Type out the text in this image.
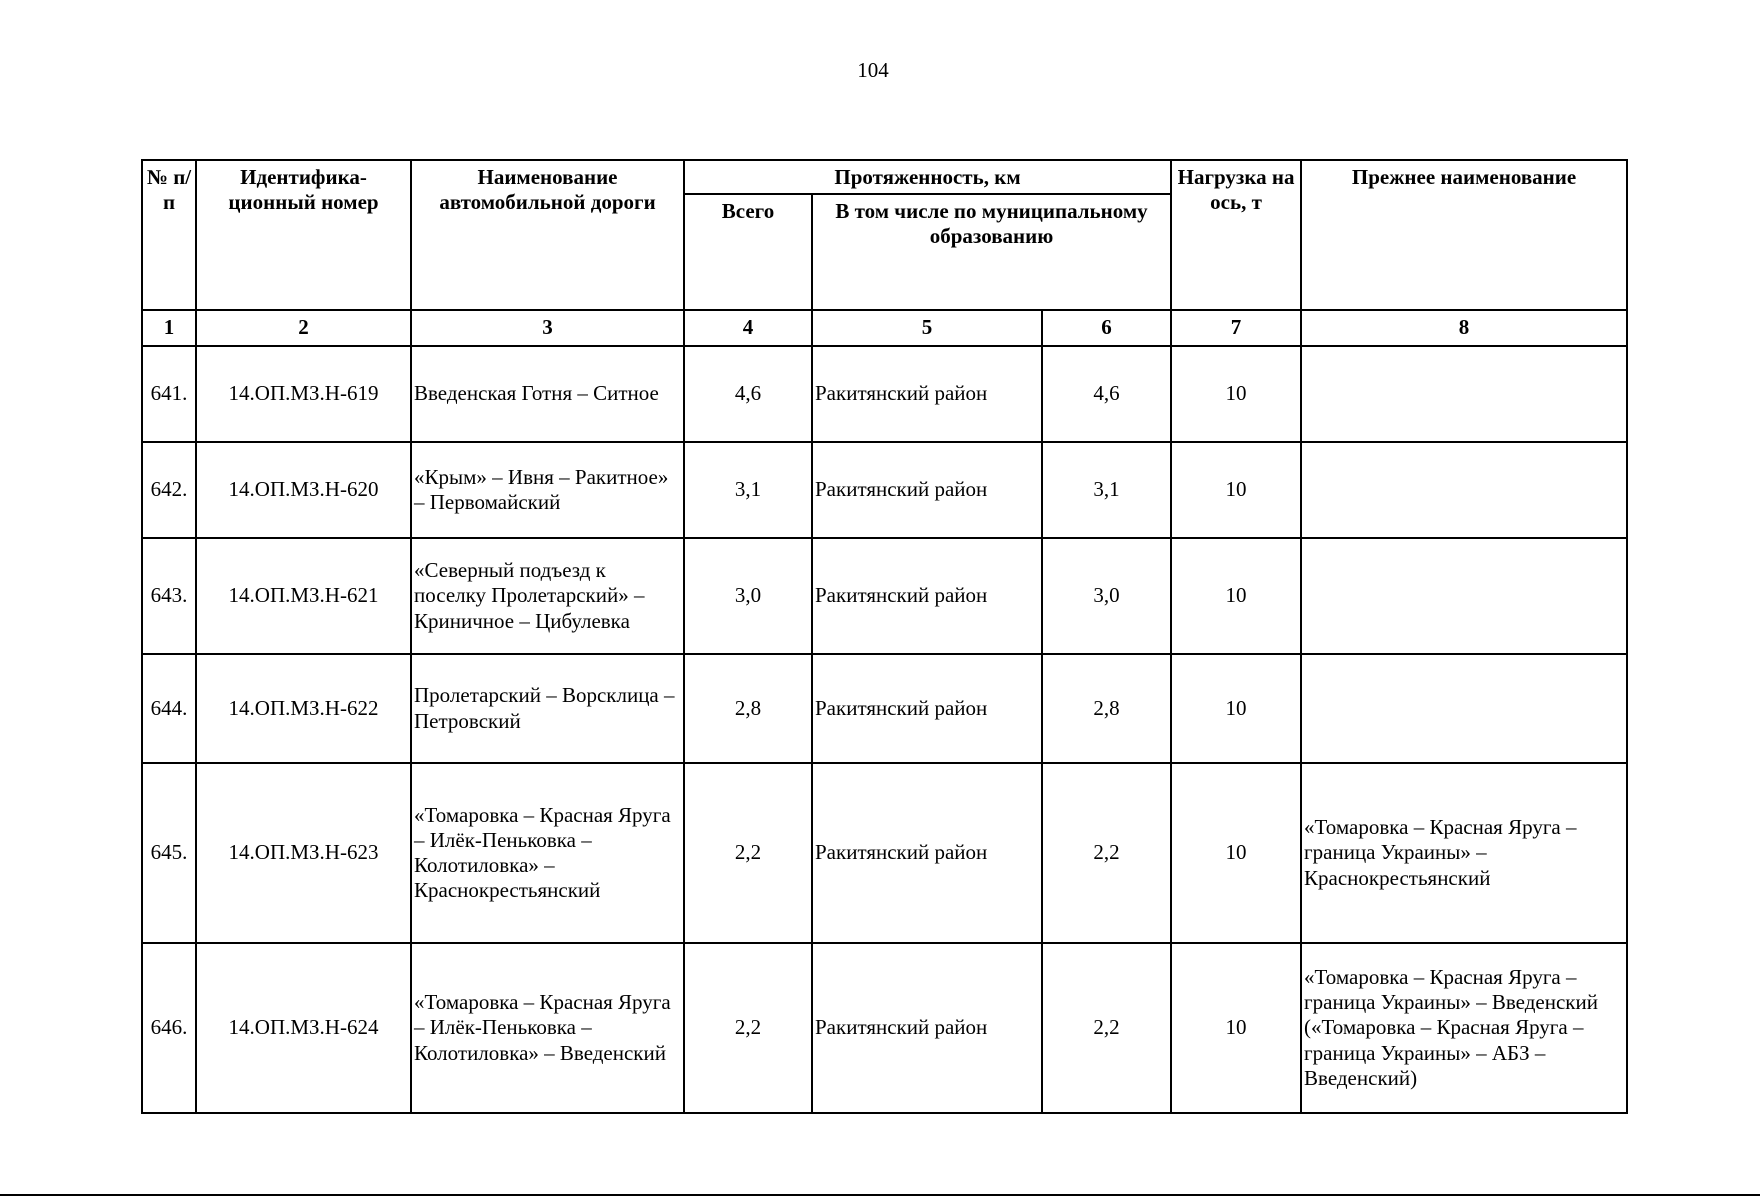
104
№ п/п	Идентифика-ционный номер	Наименование автомобильной дороги	Протяженность, км			Нагрузка на ось, т	Прежнее наименование
			Всего	В том числе по муниципальному образованию			
1	2	3	4	5	6	7	8
641.	14.ОП.МЗ.Н-619	Введенская Готня – Ситное	4,6	Ракитянский район	4,6	10	
642.	14.ОП.МЗ.Н-620	«Крым» – Ивня – Ракитное» – Первомайский	3,1	Ракитянский район	3,1	10	
643.	14.ОП.МЗ.Н-621	«Северный подъезд к поселку Пролетарский» – Криничное – Цибулевка	3,0	Ракитянский район	3,0	10	
644.	14.ОП.МЗ.Н-622	Пролетарский – Ворсклица – Петровский	2,8	Ракитянский район	2,8	10	
645.	14.ОП.МЗ.Н-623	«Томаровка – Красная Яруга – Илёк-Пеньковка – Колотиловка» – Краснокрестьянский	2,2	Ракитянский район	2,2	10	«Томаровка – Красная Яруга – граница Украины» – Краснокрестьянский
646.	14.ОП.МЗ.Н-624	«Томаровка – Красная Яруга – Илёк-Пеньковка – Колотиловка» – Введенский	2,2	Ракитянский район	2,2	10	«Томаровка – Красная Яруга – граница Украины» – Введенский («Томаровка – Красная Яруга – граница Украины» – АБЗ – Введенский)
